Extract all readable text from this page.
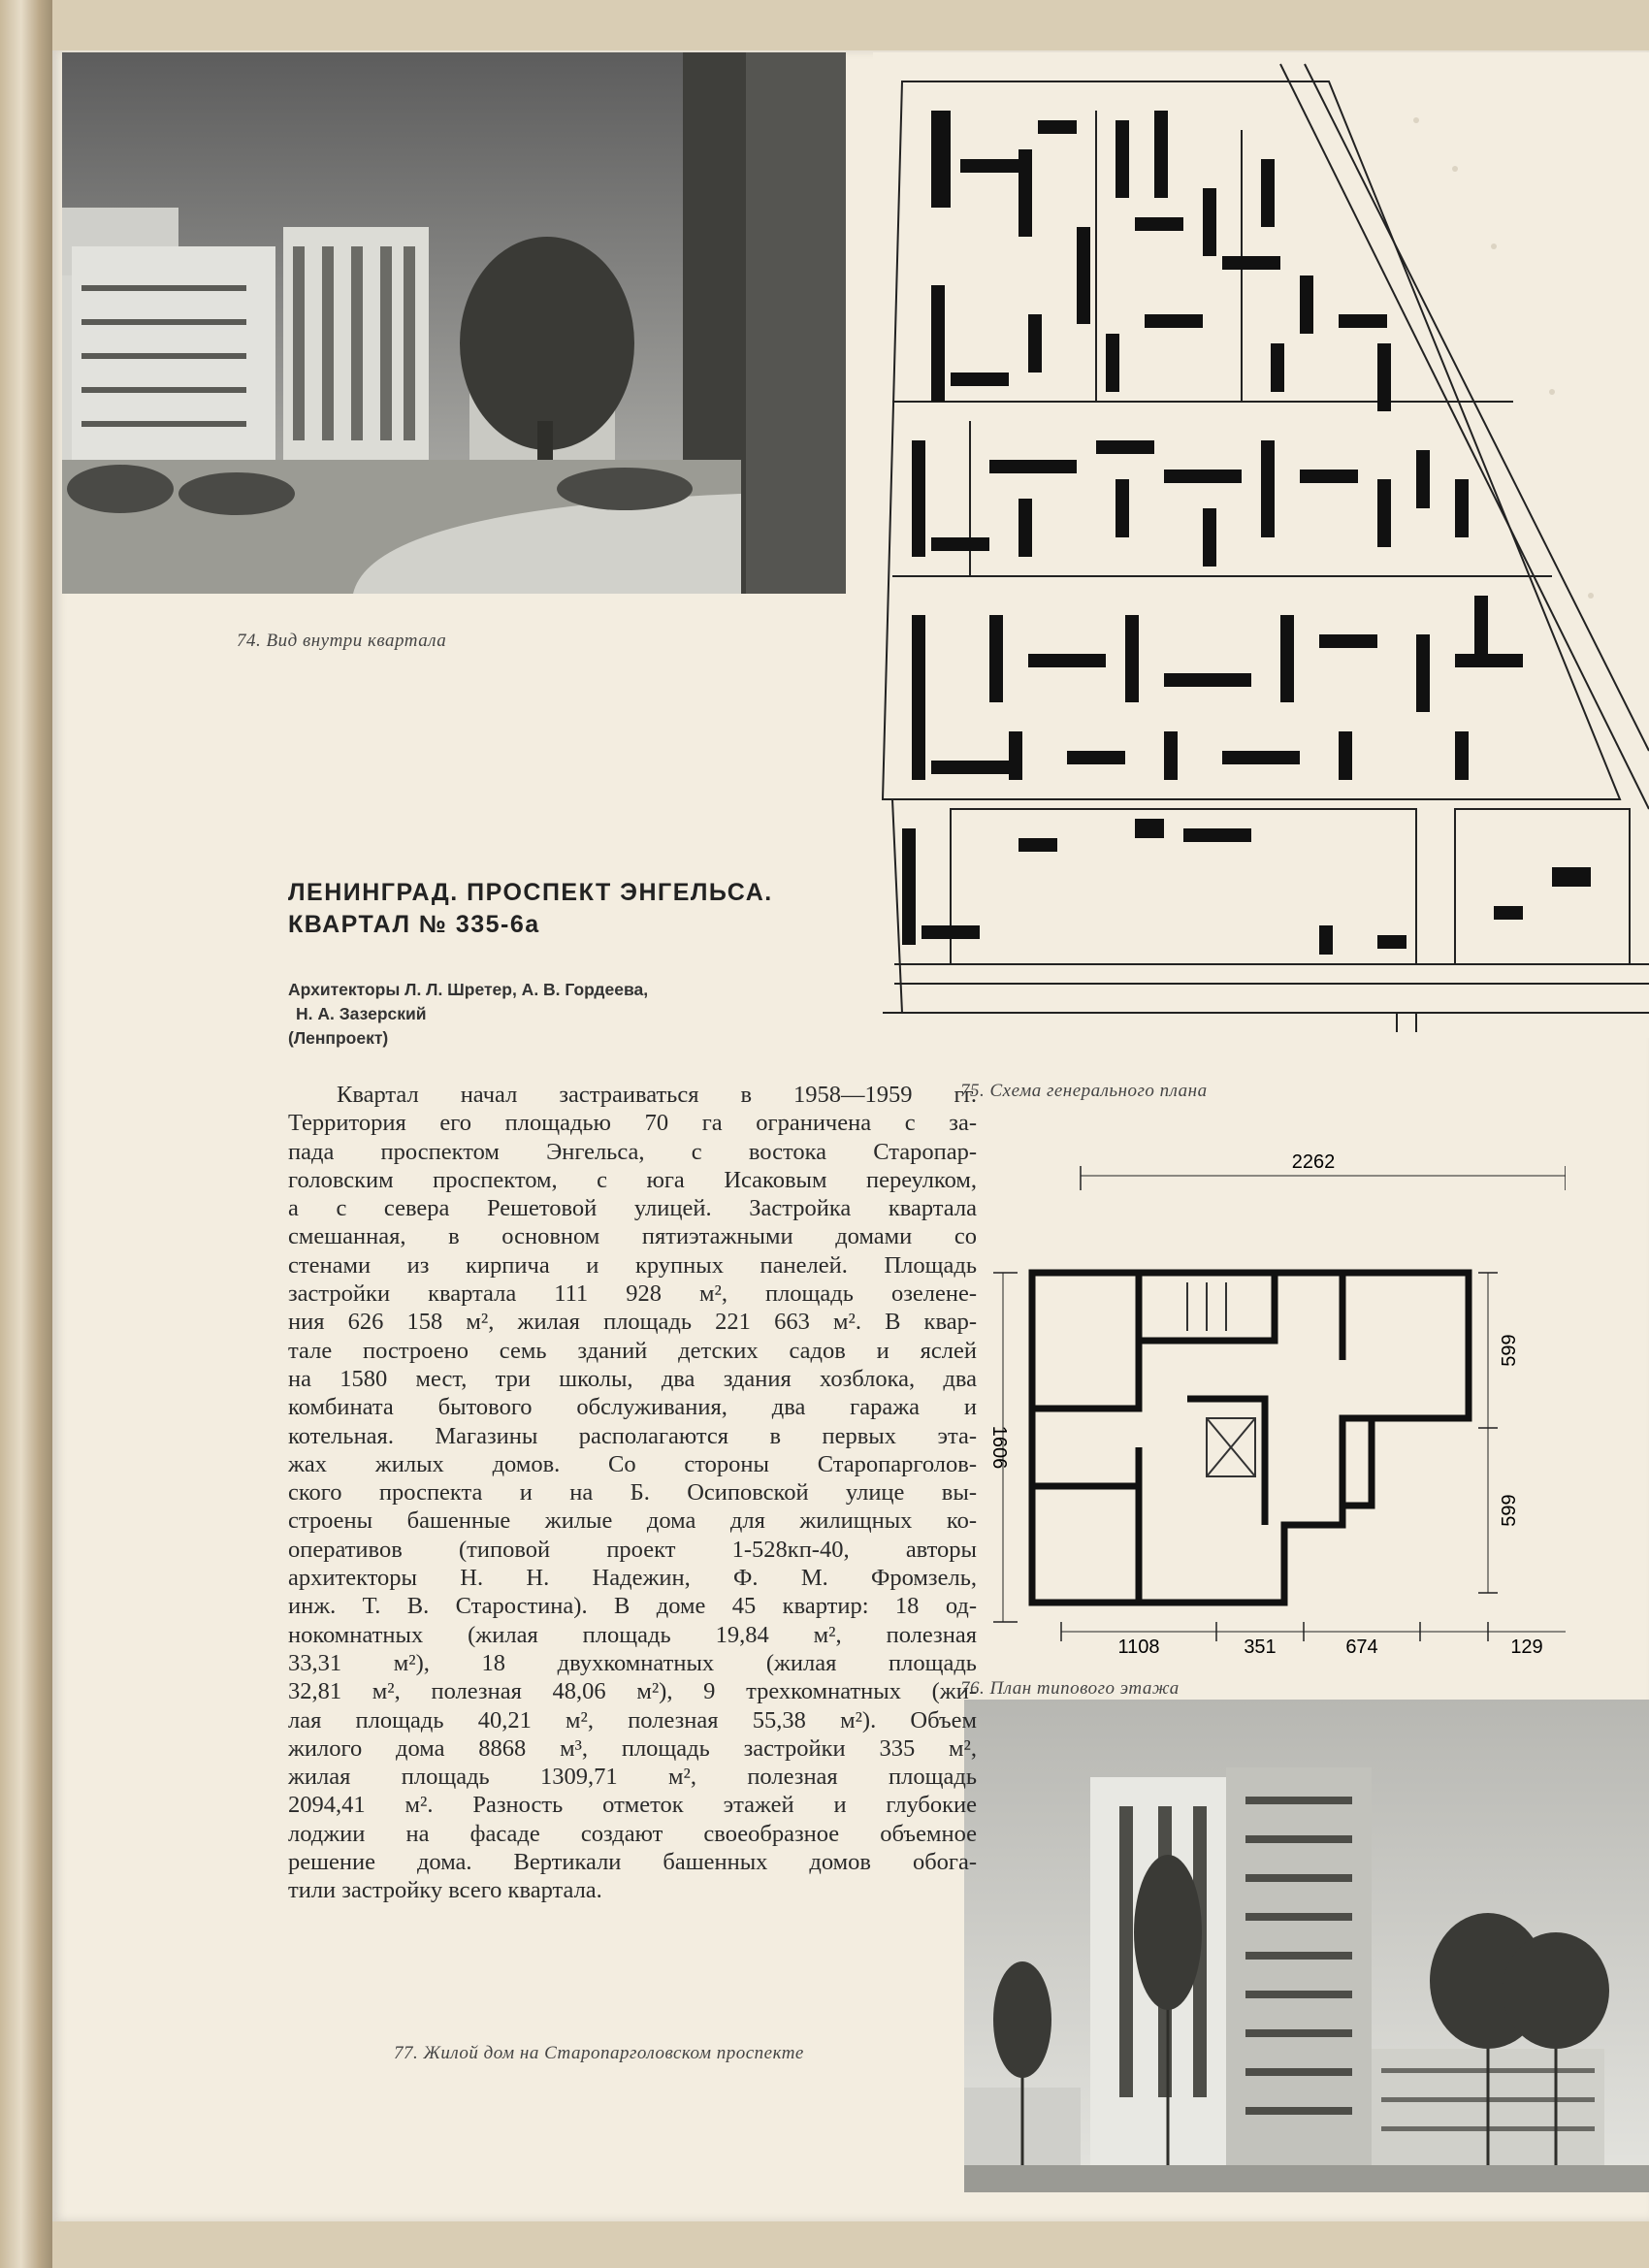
74. Вид внутри квартала
75. Схема генерального плана
2262
1606
599
599
1108	351	674	129
76. План типового этажа
77. Жилой дом на Старопарголовском проспекте
ЛЕНИНГРАД. ПРОСПЕКТ ЭНГЕЛЬСА.
КВАРТАЛ № 335-6а
Архитекторы Л. Л. Шретер, А. В. Гордеева,
Н. А. Зазерский
(Ленпроект)
Квартал начал застраиваться в 1958—1959 гг.
Территория его площадью 70 га ограничена с за-
пада проспектом Энгельса, с востока Старопар-
головским проспектом, с юга Исаковым переулком,
а с севера Решетовой улицей. Застройка квартала
смешанная, в основном пятиэтажными домами со
стенами из кирпича и крупных панелей. Площадь
застройки квартала 111 928 м², площадь озелене-
ния 626 158 м², жилая площадь 221 663 м². В квар-
тале построено семь зданий детских садов и яслей
на 1580 мест, три школы, два здания хозблока, два
комбината бытового обслуживания, два гаража и
котельная. Магазины располагаются в первых эта-
жах жилых домов. Со стороны Старопарголов-
ского проспекта и на Б. Осиповской улице вы-
строены башенные жилые дома для жилищных ко-
оперативов (типовой проект 1-528кп-40, авторы
архитекторы Н. Н. Надежин, Ф. М. Фромзель,
инж. Т. В. Старостина). В доме 45 квартир: 18 од-
нокомнатных (жилая площадь 19,84 м², полезная
33,31 м²), 18 двухкомнатных (жилая площадь
32,81 м², полезная 48,06 м²), 9 трехкомнатных (жи-
лая площадь 40,21 м², полезная 55,38 м²). Объем
жилого дома 8868 м³, площадь застройки 335 м²,
жилая площадь 1309,71 м², полезная площадь
2094,41 м². Разность отметок этажей и глубокие
лоджии на фасаде создают своеобразное объемное
решение дома. Вертикали башенных домов обога-
тили застройку всего квартала.
